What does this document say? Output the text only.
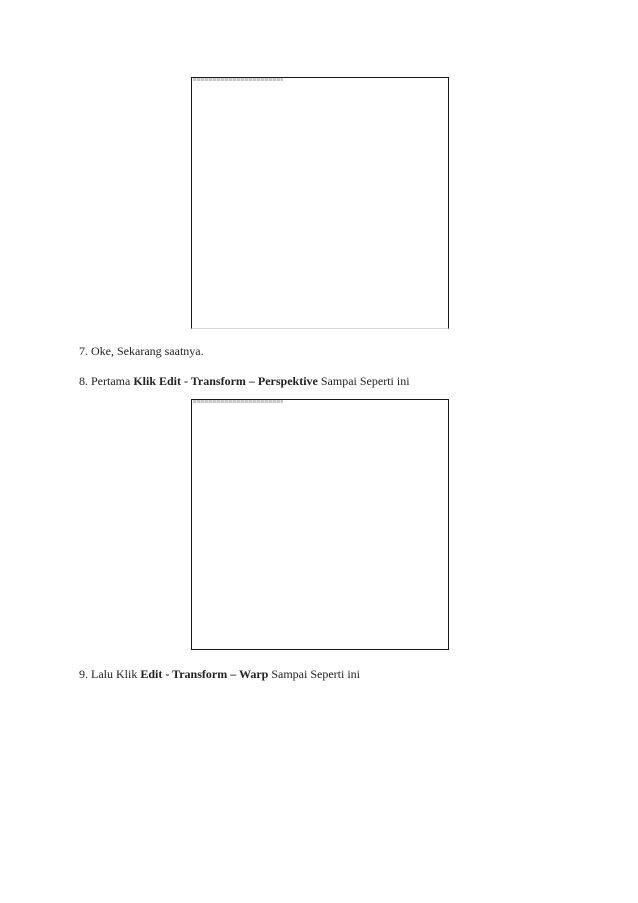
7. Oke, Sekarang saatnya.

8. Pertama Klik Edit - Transform – Perspektive Sampai Seperti ini

9. Lalu Klik Edit - Transform – Warp Sampai Seperti ini
